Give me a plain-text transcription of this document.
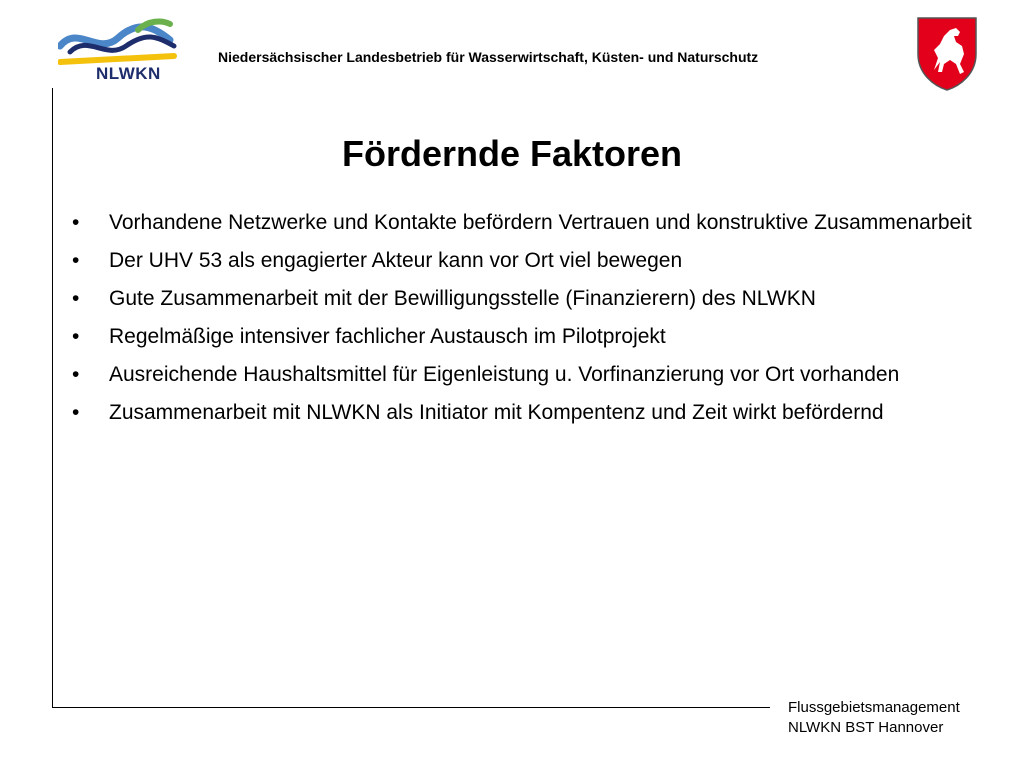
NLWKN
Niedersächsischer Landesbetrieb für Wasserwirtschaft, Küsten- und Naturschutz
Fördernde Faktoren
• Vorhandene Netzwerke und Kontakte befördern Vertrauen und konstruktive Zusammenarbeit
• Der UHV 53 als engagierter Akteur kann vor Ort viel bewegen
• Gute Zusammenarbeit mit der Bewilligungsstelle (Finanzierern) des NLWKN
• Regelmäßige intensiver fachlicher Austausch im Pilotprojekt
• Ausreichende Haushaltsmittel für Eigenleistung u. Vorfinanzierung vor Ort vorhanden
• Zusammenarbeit mit NLWKN als Initiator mit Kompentenz und Zeit wirkt befördernd
Flussgebietsmanagement
NLWKN BST Hannover
